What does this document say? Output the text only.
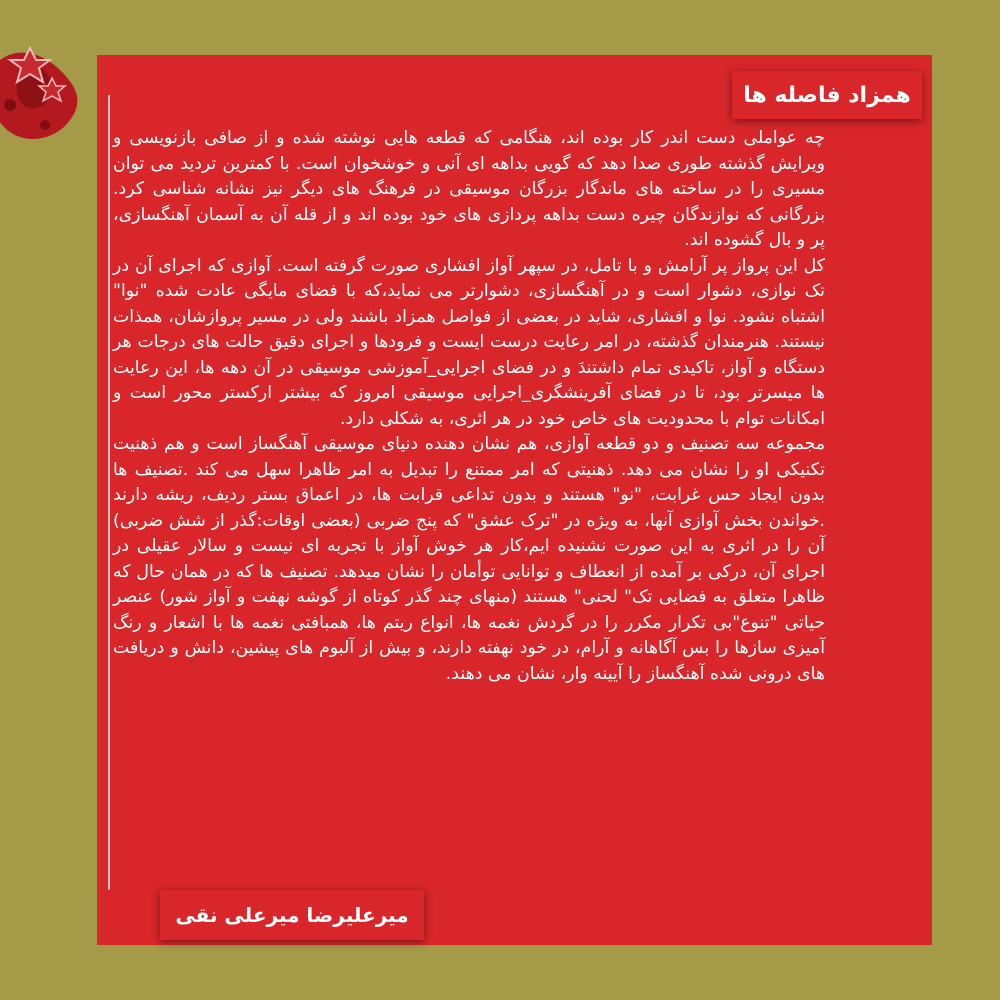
همزاد فاصله ها

چه عواملی دست اندر کار بوده اند، هنگامی که قطعه هایی نوشته شده و از صافی بازنویسی و ویرایش گذشته طوری صدا دهد که گویی بداهه ای آنی و خوشخوان است. با کمترین تردید می توان مسیری را در ساخته های ماندگار بزرگان موسیقی در فرهنگ های دیگر نیز نشانه شناسی کرد. بزرگانی که نوازندگان چیره دست بداهه پردازی های خود بوده اند و از قله آن به آسمان آهنگسازی، پر و بال گشوده اند.

کل این پرواز پر آرامش و با تامل، در سپهر آواز افشاری صورت گرفته است. آوازی که اجرای آن در تک نوازی، دشوار است و در آهنگسازی، دشوارتر می نماید،که با فضای مایگی عادت شده "نوا" اشتباه نشود. نوا و افشاری، شاید در بعضی از فواصل همزاد باشند ولی در مسیر پروازشان، همذات نیستند. هنرمندان گذشته، در امر رعایت درست ایست و فرودها و اجرای دقیق حالت های درجات هر دستگاه و آواز، تاکیدی تمام داشتندَ و در فضای اجرایی_آموزشی موسیقی در آن دهه ها، این رعایت ها میسرتر بود، تا در فضای آفرینشگری_اجرایی موسیقی امروز که بیشتر ارکستر محور است و امکانات توام با محدودیت های خاص خود در هر اثری، به شکلی دارد.

مجموعه سه تصنیف و دو قطعه آوازی، هم نشان دهنده دنیای موسیقی آهنگساز است و هم ذهنیت تکنیکی او را نشان می دهد. ذهنیتی که امر ممتنع را تبدیل به امر ظاهرا سهل می کند .تصنیف ها بدون ایجاد حس غرابت، "نو" هستند و بدون تداعی قرابت ها، در اعماق بستر ردیف، ریشه دارند .خواندن بخش آوازی آنها، به ویژه در "ترک عشق" که پنج ضربی (بعضی اوقات:گذر از شش ضربی) آن را در اثری به این صورت نشنیده ایم،کار هر خوش آواز با تجربه ای نیست و سالار عقیلی در اجرای آن، درکی بر آمده از انعطاف و توانایی توأمان را نشان میدهد. تصنیف ها که در همان حال که ظاهرا متعلق به فضایی تک" لحنی" هستند (منهای چند گذر کوتاه از گوشه نهفت و آواز شور) عنصر حیاتی "تنوع"بی تکرار مکرر را در گردش نغمه ها، انواع ریتم ها، همبافتی نغمه ها با اشعار و رنگ آمیزی سازها را بس آگاهانه و آرام، در خود نهفته دارند، و بیش از آلبوم های پیشین، دانش و دریافت های درونی شده آهنگساز را آیینه وار، نشان می دهند.

میرعلیرضا میرعلی نقی
